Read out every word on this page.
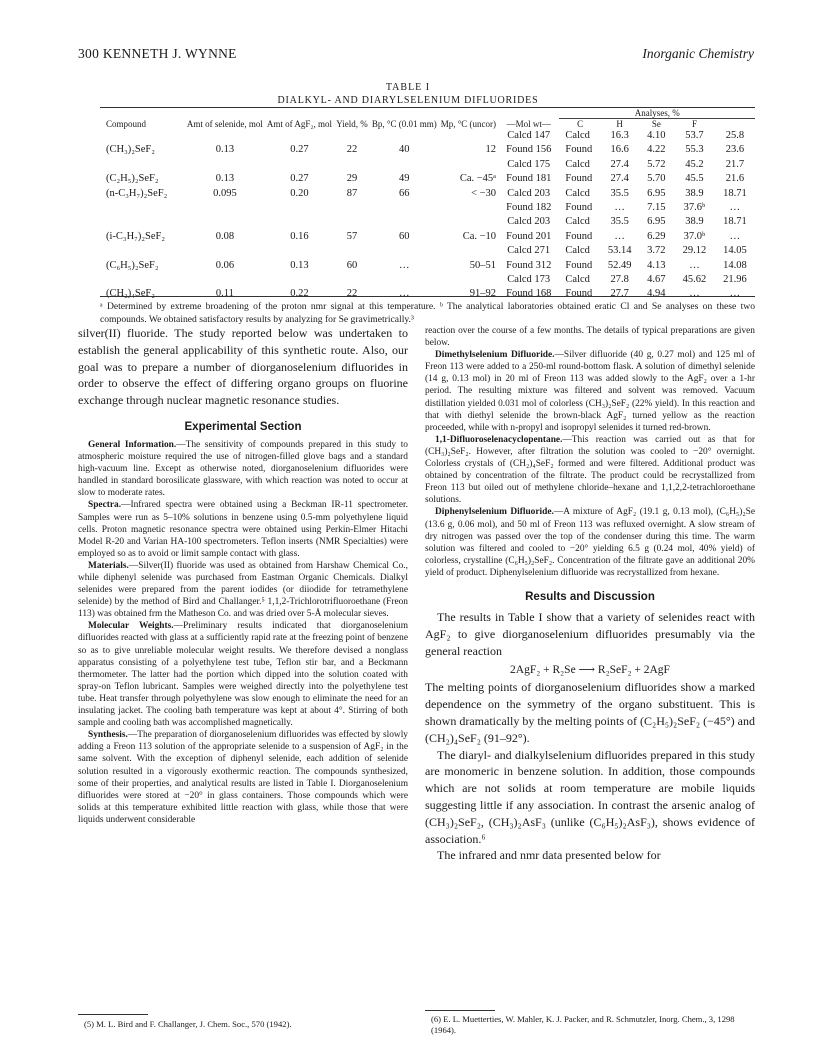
300 KENNETH J. WYNNE	Inorganic Chemistry
TABLE I
DIALKYL- AND DIARYLSELENIUM DIFLUORIDES
Compound	Amt of selenide, mol	Amt of AgF₂, mol	Yield, %	Bp, °C (0.01 mm)	Mp, °C (uncor)	—Mol wt—	Analyses, %				
							C	H	Se	F	
						Calcd 147	Calcd	16.3	4.10	53.7	25.8
(CH₃)₂SeF₂	0.13	0.27	22	40	12	Found 156	Found	16.6	4.22	55.3	23.6
						Calcd 175	Calcd	27.4	5.72	45.2	21.7
(C₂H₅)₂SeF₂	0.13	0.27	29	49	Ca. −45ᵃ	Found 181	Found	27.4	5.70	45.5	21.6
(n-C₃H₇)₂SeF₂	0.095	0.20	87	66	< −30	Calcd 203	Calcd	35.5	6.95	38.9	18.71
						Found 182	Found	…	7.15	37.6ᵇ	…
						Calcd 203	Calcd	35.5	6.95	38.9	18.71
(i-C₃H₇)₂SeF₂	0.08	0.16	57	60	Ca. −10	Found 201	Found	…	6.29	37.0ᵇ	…
						Calcd 271	Calcd	53.14	3.72	29.12	14.05
(C₆H₅)₂SeF₂	0.06	0.13	60	…	50–51	Found 312	Found	52.49	4.13	…	14.08
						Calcd 173	Calcd	27.8	4.67	45.62	21.96
(CH₂)₄SeF₂	0.11	0.22	22	…	91–92	Found 168	Found	27.7	4.94	…	…
ᵃ Determined by extreme broadening of the proton nmr signal at this temperature. ᵇ The analytical laboratories obtained eratic Cl and Se analyses on these two compounds. We obtained satisfactory results by analyzing for Se gravimetrically.³

silver(II) fluoride. The study reported below was undertaken to establish the general applicability of this synthetic route. Also, our goal was to prepare a number of diorganoselenium difluorides in order to observe the effect of differing organo groups on fluorine exchange through nuclear magnetic resonance studies.

Experimental Section

General Information.—The sensitivity of compounds prepared in this study to atmospheric moisture required the use of nitrogen-filled glove bags and a standard high-vacuum line. Except as otherwise noted, diorganoselenium difluorides were handled in standard borosilicate glassware, with which reaction was noted to occur at slow to moderate rates.

Spectra.—Infrared spectra were obtained using a Beckman IR-11 spectrometer. Samples were run as 5–10% solutions in benzene using 0.5-mm polyethylene liquid cells. Proton magnetic resonance spectra were obtained using Perkin-Elmer Hitachi Model R-20 and Varian HA-100 spectrometers. Teflon inserts (NMR Specialties) were employed so as to avoid or limit sample contact with glass.

Materials.—Silver(II) fluoride was used as obtained from Harshaw Chemical Co., while diphenyl selenide was purchased from Eastman Organic Chemicals. Dialkyl selenides were prepared from the parent iodides (or diiodide for tetramethylene selenide) by the method of Bird and Challanger.⁵ 1,1,2-Trichlorotrifluoroethane (Freon 113) was obtained frm the Matheson Co. and was dried over 5-Å molecular sieves.

Molecular Weights.—Preliminary results indicated that diorganoselenium difluorides reacted with glass at a sufficiently rapid rate at the freezing point of benzene so as to give unreliable molecular weight results. We therefore devised a nonglass apparatus consisting of a polyethylene test tube, Teflon stir bar, and a Beckmann thermometer. The latter had the portion which dipped into the solution coated with spray-on Teflon lubricant. Samples were weighed directly into the polyethylene test tube. Heat transfer through polyethylene was slow enough to eliminate the need for an insulating jacket. The cooling bath temperature was kept at about 4°. Stirring of both sample and cooling bath was accomplished magnetically.

Synthesis.—The preparation of diorganoselenium difluorides was effected by slowly adding a Freon 113 solution of the appropriate selenide to a suspension of AgF₂ in the same solvent. With the exception of diphenyl selenide, each addition of selenide solution resulted in a vigorously exothermic reaction. The compounds synthesized, some of their properties, and analytical results are listed in Table I. Diorganoselenium difluorides were stored at −20° in glass containers. Those compounds which were solids at this temperature exhibited little reaction with glass, while those that were liquids underwent considerable

(5) M. L. Bird and F. Challanger, J. Chem. Soc., 570 (1942).

reaction over the course of a few months. The details of typical preparations are given below.

Dimethylselenium Difluoride.—Silver difluoride (40 g, 0.27 mol) and 125 ml of Freon 113 were added to a 250-ml round-bottom flask. A solution of dimethyl selenide (14 g, 0.13 mol) in 20 ml of Freon 113 was added slowly to the AgF₂ over a 1-hr period. The resulting mixture was filtered and solvent was removed. Vacuum distillation yielded 0.031 mol of colorless (CH₃)₂SeF₂ (22% yield). In this reaction and that with diethyl selenide the brown-black AgF₂ turned yellow as the reaction proceeded, while with n-propyl and isopropyl selenides it turned red-brown.

1,1-Difluoroselenacyclopentane.—This reaction was carried out as that for (CH₃)₂SeF₂. However, after filtration the solution was cooled to −20° overnight. Colorless crystals of (CH₂)₄SeF₂ formed and were filtered. Additional product was obtained by concentration of the filtrate. The product could be recrystallized from Freon 113 but oiled out of methylene chloride–hexane and 1,1,2,2-tetrachloroethane solutions.

Diphenylselenium Difluoride.—A mixture of AgF₂ (19.1 g, 0.13 mol), (C₆H₅)₂Se (13.6 g, 0.06 mol), and 50 ml of Freon 113 was refluxed overnight. A slow stream of dry nitrogen was passed over the top of the condenser during this time. The warm solution was filtered and cooled to −20° yielding 6.5 g (0.24 mol, 40% yield) of colorless, crystalline (C₆H₅)₂SeF₂. Concentration of the filtrate gave an additional 20% yield of product. Diphenylselenium difluoride was recrystallized from hexane.

Results and Discussion

The results in Table I show that a variety of selenides react with AgF₂ to give diorganoselenium difluorides presumably via the general reaction

2AgF₂ + R₂Se ⟶ R₂SeF₂ + 2AgF

The melting points of diorganoselenium difluorides show a marked dependence on the symmetry of the organo substituent. This is shown dramatically by the melting points of (C₂H₅)₂SeF₂ (−45°) and (CH₂)₄SeF₂ (91–92°).

The diaryl- and dialkylselenium difluorides prepared in this study are monomeric in benzene solution. In addition, those compounds which are not solids at room temperature are mobile liquids suggesting little if any association. In contrast the arsenic analog of (CH₃)₂SeF₂, (CH₃)₂AsF₃ (unlike (C₆H₅)₂AsF₃), shows evidence of association.⁶

The infrared and nmr data presented below for

(6) E. L. Muetterties, W. Mahler, K. J. Packer, and R. Schmutzler, Inorg. Chem., 3, 1298 (1964).
